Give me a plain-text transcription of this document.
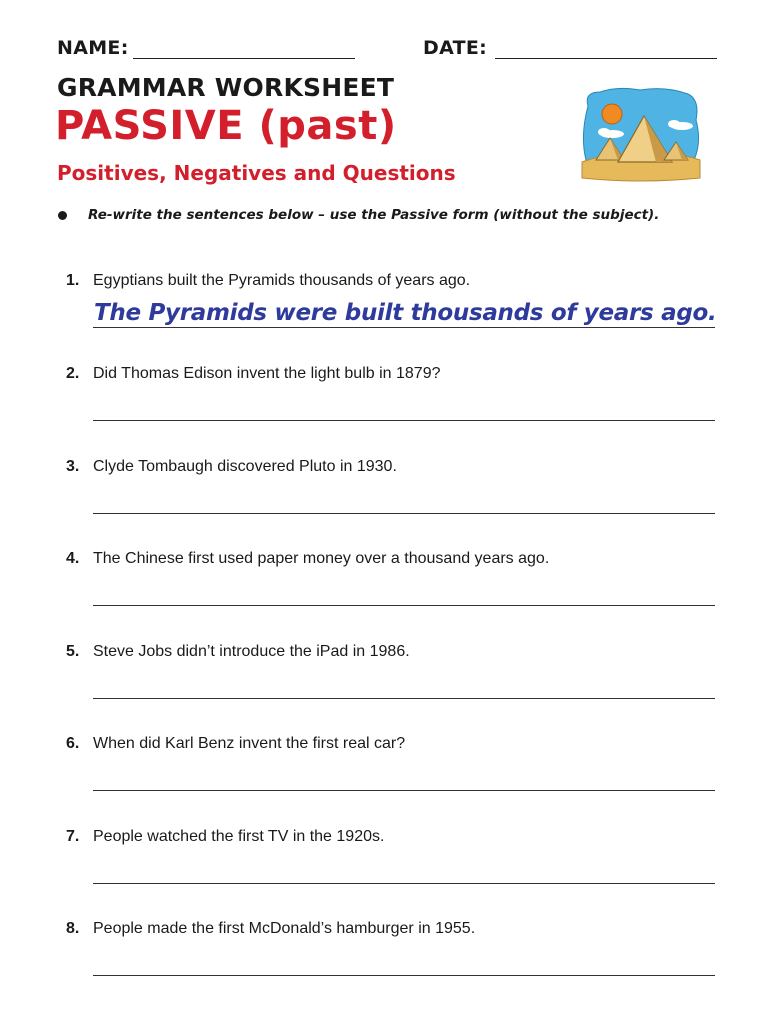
NAME:	DATE:
GRAMMAR WORKSHEET
PASSIVE (past)
Positives, Negatives and Questions
Re-write the sentences below – use the Passive form (without the subject).
1. Egyptians built the Pyramids thousands of years ago.
The Pyramids were built thousands of years ago.
2. Did Thomas Edison invent the light bulb in 1879?
3. Clyde Tombaugh discovered Pluto in 1930.
4. The Chinese first used paper money over a thousand years ago.
5. Steve Jobs didn’t introduce the iPad in 1986.
6. When did Karl Benz invent the first real car?
7. People watched the first TV in the 1920s.
8. People made the first McDonald’s hamburger in 1955.
